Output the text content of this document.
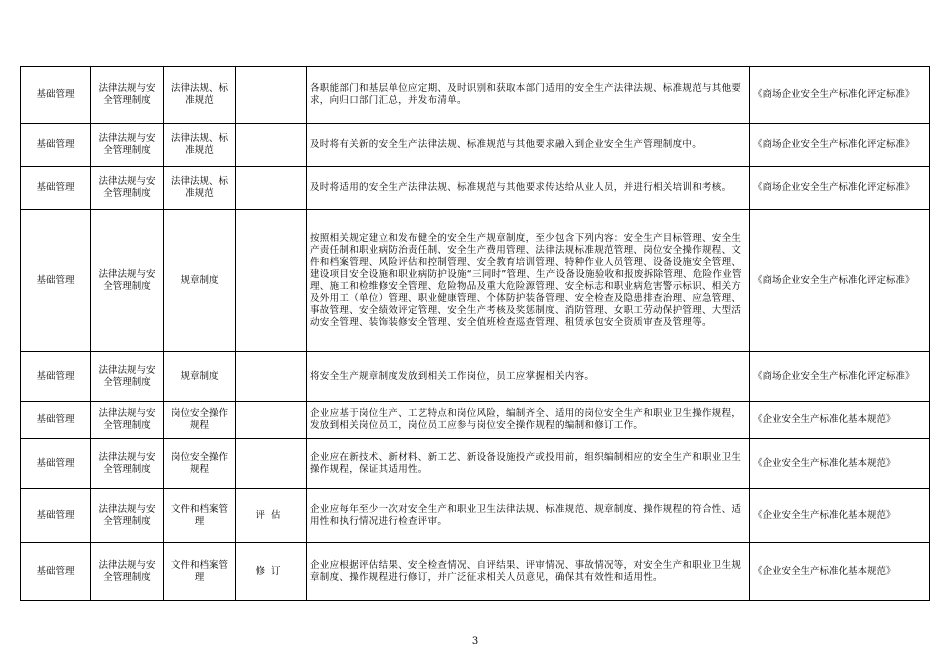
基础管理	法律法规与安全管理制度	法律法规、标准规范		各职能部门和基层单位应定期、及时识别和获取本部门适用的安全生产法律法规、标准规范与其他要求，向归口部门汇总，并发布清单。	《商场企业安全生产标准化评定标准》
基础管理	法律法规与安全管理制度	法律法规、标准规范		及时将有关新的安全生产法律法规、标准规范与其他要求融入到企业安全生产管理制度中。	《商场企业安全生产标准化评定标准》
基础管理	法律法规与安全管理制度	法律法规、标准规范		及时将适用的安全生产法律法规、标准规范与其他要求传达给从业人员，并进行相关培训和考核。	《商场企业安全生产标准化评定标准》
基础管理	法律法规与安全管理制度	规章制度		按照相关规定建立和发布健全的安全生产规章制度，至少包含下列内容：安全生产目标管理、安全生产责任制和职业病防治责任制、安全生产费用管理、法律法规标准规范管理、岗位安全操作规程、文件和档案管理、风险评估和控制管理、安全教育培训管理、特种作业人员管理、设备设施安全管理、建设项目安全设施和职业病防护设施“三同时”管理、生产设备设施验收和报废拆除管理、危险作业管理、施工和检维修安全管理、危险物品及重大危险源管理、安全标志和职业病危害警示标识、相关方及外用工（单位）管理、职业健康管理、个体防护装备管理、安全检查及隐患排查治理、应急管理、事故管理、安全绩效评定管理、安全生产考核及奖惩制度、消防管理、女职工劳动保护管理、大型活动安全管理、装饰装修安全管理、安全值班检查巡查管理、租赁承包安全资质审查及管理等。	《商场企业安全生产标准化评定标准》
基础管理	法律法规与安全管理制度	规章制度		将安全生产规章制度发放到相关工作岗位，员工应掌握相关内容。	《商场企业安全生产标准化评定标准》
基础管理	法律法规与安全管理制度	岗位安全操作规程		企业应基于岗位生产、工艺特点和岗位风险，编制齐全、适用的岗位安全生产和职业卫生操作规程，发放到相关岗位员工，岗位员工应参与岗位安全操作规程的编制和修订工作。	《企业安全生产标准化基本规范》
基础管理	法律法规与安全管理制度	岗位安全操作规程		企业应在新技术、新材料、新工艺、新设备设施投产或投用前，组织编制相应的安全生产和职业卫生操作规程，保证其适用性。	《企业安全生产标准化基本规范》
基础管理	法律法规与安全管理制度	文件和档案管理	评估	企业应每年至少一次对安全生产和职业卫生法律法规、标准规范、规章制度、操作规程的符合性、适用性和执行情况进行检查评审。	《企业安全生产标准化基本规范》
基础管理	法律法规与安全管理制度	文件和档案管理	修订	企业应根据评估结果、安全检查情况、自评结果、评审情况、事故情况等，对安全生产和职业卫生规章制度、操作规程进行修订，并广泛征求相关人员意见，确保其有效性和适用性。	《企业安全生产标准化基本规范》
3
